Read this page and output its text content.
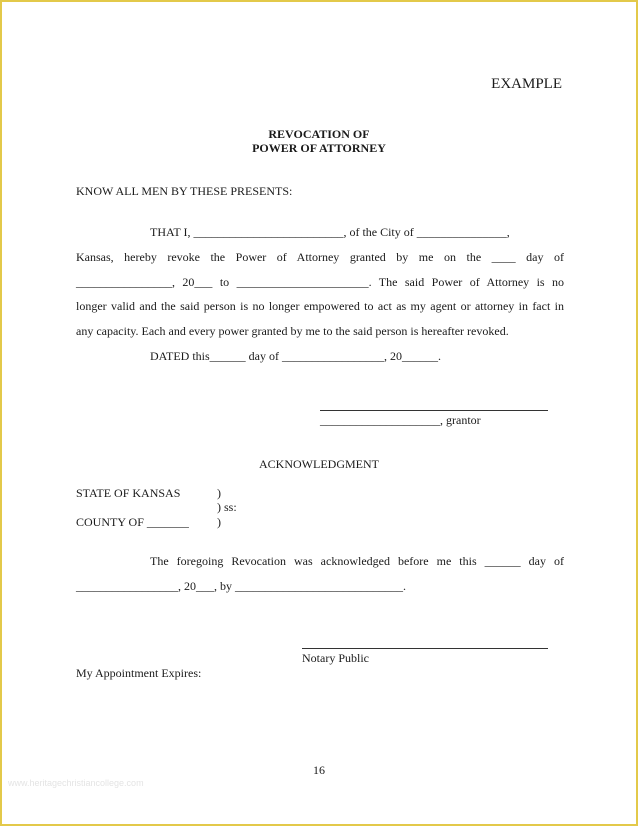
EXAMPLE
REVOCATION OF
POWER OF ATTORNEY
KNOW ALL MEN BY THESE PRESENTS:
THAT I, _________________________, of the City of _______________,
Kansas, hereby revoke the Power of Attorney granted by me on the ____ day of
________________, 20___ to ______________________. The said Power of Attorney is no
longer valid and the said person is no longer empowered to act as my agent or attorney in fact in
any capacity. Each and every power granted by me to the said person is hereafter revoked.
DATED this______ day of _________________, 20______.
____________________, grantor
ACKNOWLEDGMENT
STATE OF KANSAS	)
) ss:
COUNTY OF _______ )
The foregoing Revocation was acknowledged before me this ______ day of
_________________, 20___, by ____________________________.
Notary Public
My Appointment Expires:
16
www.heritagechristiancollege.com
